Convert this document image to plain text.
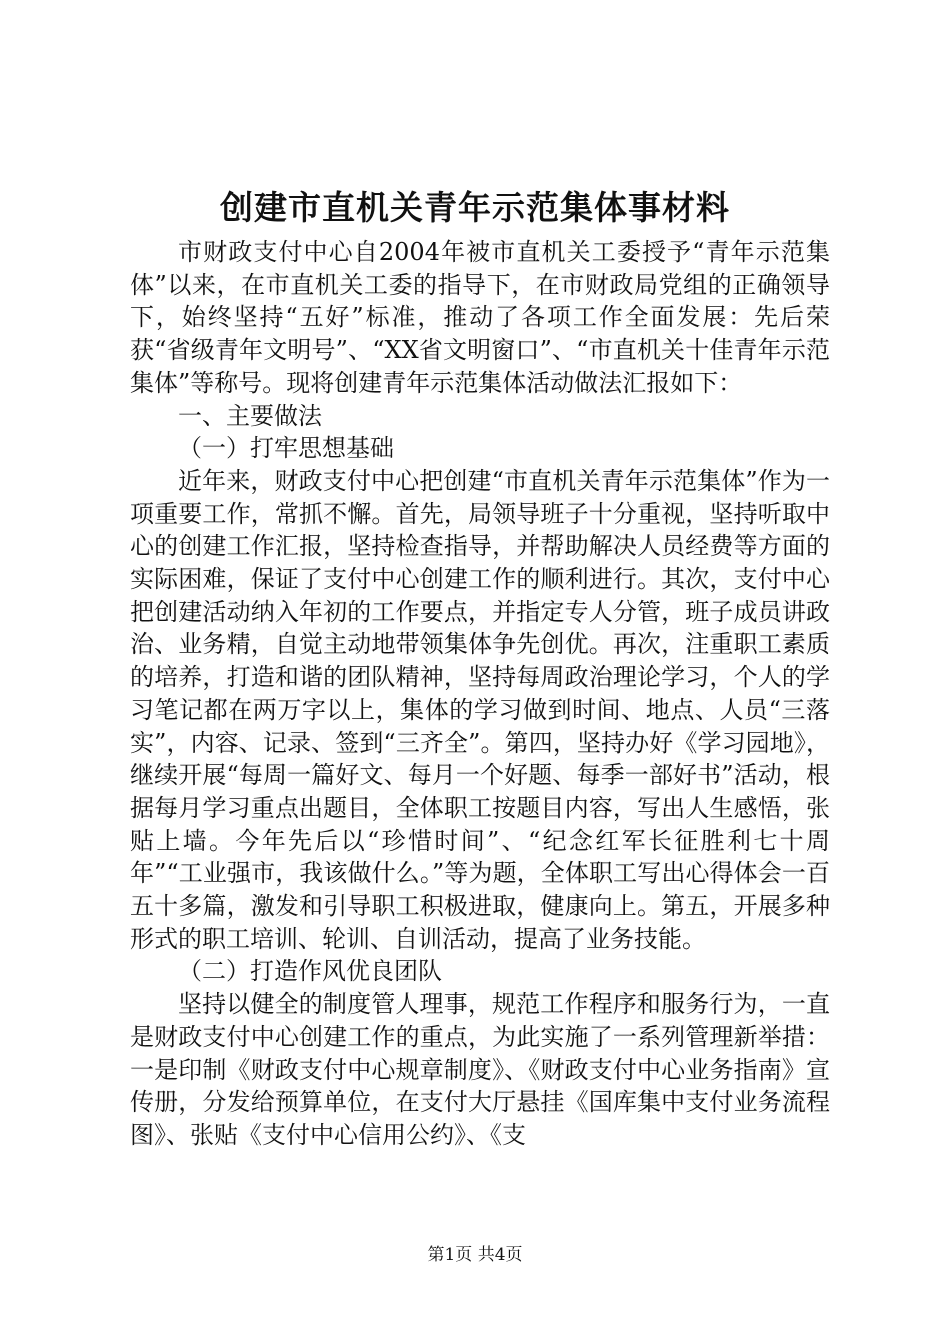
创建市直机关青年示范集体事材料

市财政支付中心自2004年被市直机关工委授予“青年示范集体”以来，在市直机关工委的指导下，在市财政局党组的正确领导下，始终坚持“五好”标准，推动了各项工作全面发展：先后荣获“省级青年文明号”、“XX省文明窗口”、“市直机关十佳青年示范集体”等称号。现将创建青年示范集体活动做法汇报如下：

一、主要做法

（一）打牢思想基础

近年来，财政支付中心把创建“市直机关青年示范集体”作为一项重要工作，常抓不懈。首先，局领导班子十分重视，坚持听取中心的创建工作汇报，坚持检查指导，并帮助解决人员经费等方面的实际困难，保证了支付中心创建工作的顺利进行。其次，支付中心把创建活动纳入年初的工作要点，并指定专人分管，班子成员讲政治、业务精，自觉主动地带领集体争先创优。再次，注重职工素质的培养，打造和谐的团队精神，坚持每周政治理论学习，个人的学习笔记都在两万字以上，集体的学习做到时间、地点、人员“三落实”，内容、记录、签到“三齐全”。第四，坚持办好《学习园地》，继续开展“每周一篇好文、每月一个好题、每季一部好书”活动，根据每月学习重点出题目，全体职工按题目内容，写出人生感悟，张贴上墙。今年先后以“珍惜时间”、“纪念红军长征胜利七十周年”“工业强市，我该做什么。”等为题，全体职工写出心得体会一百五十多篇，激发和引导职工积极进取，健康向上。第五，开展多种形式的职工培训、轮训、自训活动，提高了业务技能。

（二）打造作风优良团队

坚持以健全的制度管人理事，规范工作程序和服务行为，一直是财政支付中心创建工作的重点，为此实施了一系列管理新举措：一是印制《财政支付中心规章制度》、《财政支付中心业务指南》宣传册，分发给预算单位，在支付大厅悬挂《国库集中支付业务流程图》、张贴《支付中心信用公约》、《支

第1页 共4页
